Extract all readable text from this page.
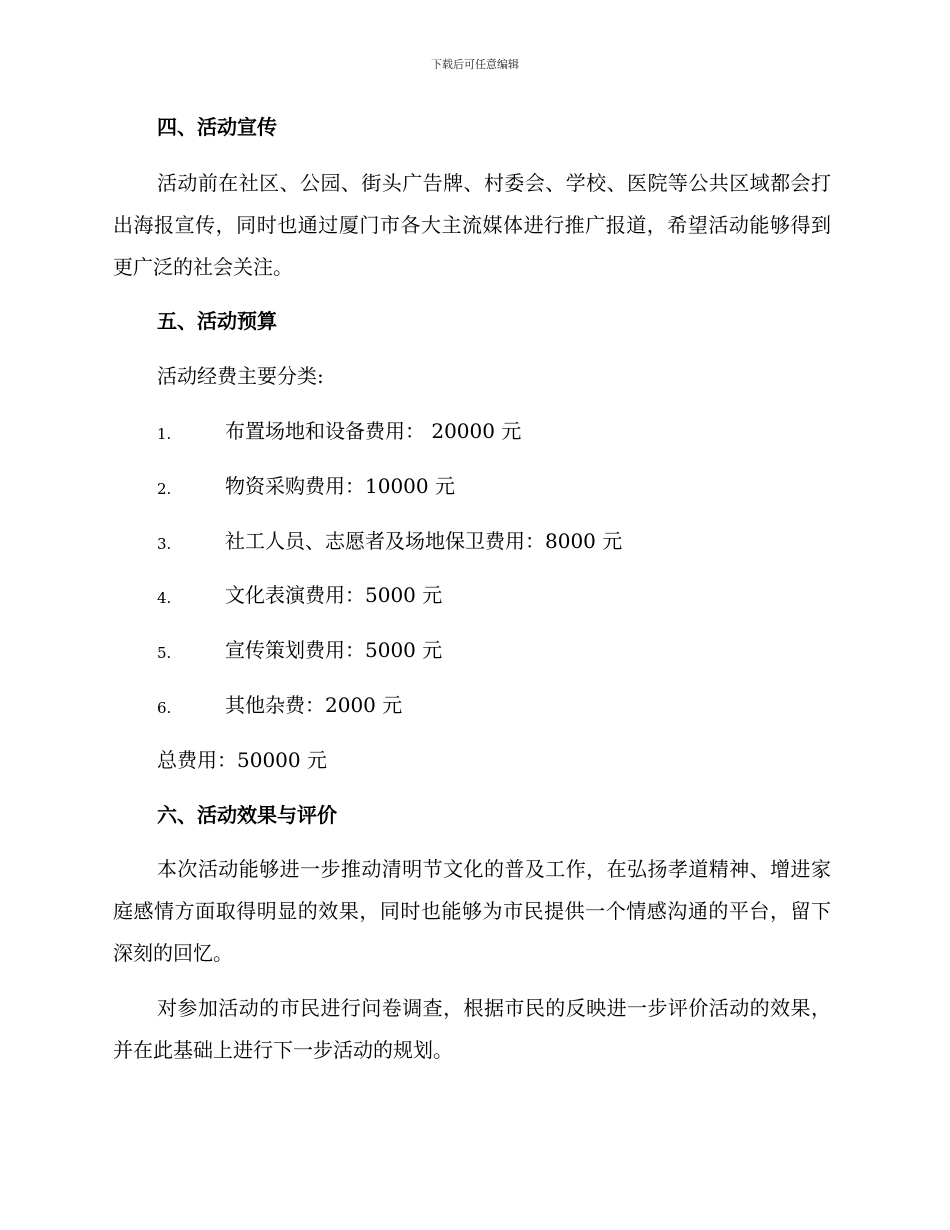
下载后可任意编辑
四、活动宣传

活动前在社区、公园、街头广告牌、村委会、学校、医院等公共区域都会打出海报宣传，同时也通过厦门市各大主流媒体进行推广报道，希望活动能够得到更广泛的社会关注。

五、活动预算
活动经费主要分类:
1.	布置场地和设备费用： 20000 元
2.	物资采购费用：10000 元
3.	社工人员、志愿者及场地保卫费用：8000 元
4.	文化表演费用：5000 元
5.	宣传策划费用：5000 元
6.	其他杂费：2000 元
总费用：50000 元
六、活动效果与评价

本次活动能够进一步推动清明节文化的普及工作，在弘扬孝道精神、增进家庭感情方面取得明显的效果，同时也能够为市民提供一个情感沟通的平台，留下深刻的回忆。

对参加活动的市民进行问卷调查，根据市民的反映进一步评价活动的效果，并在此基础上进行下一步活动的规划。
